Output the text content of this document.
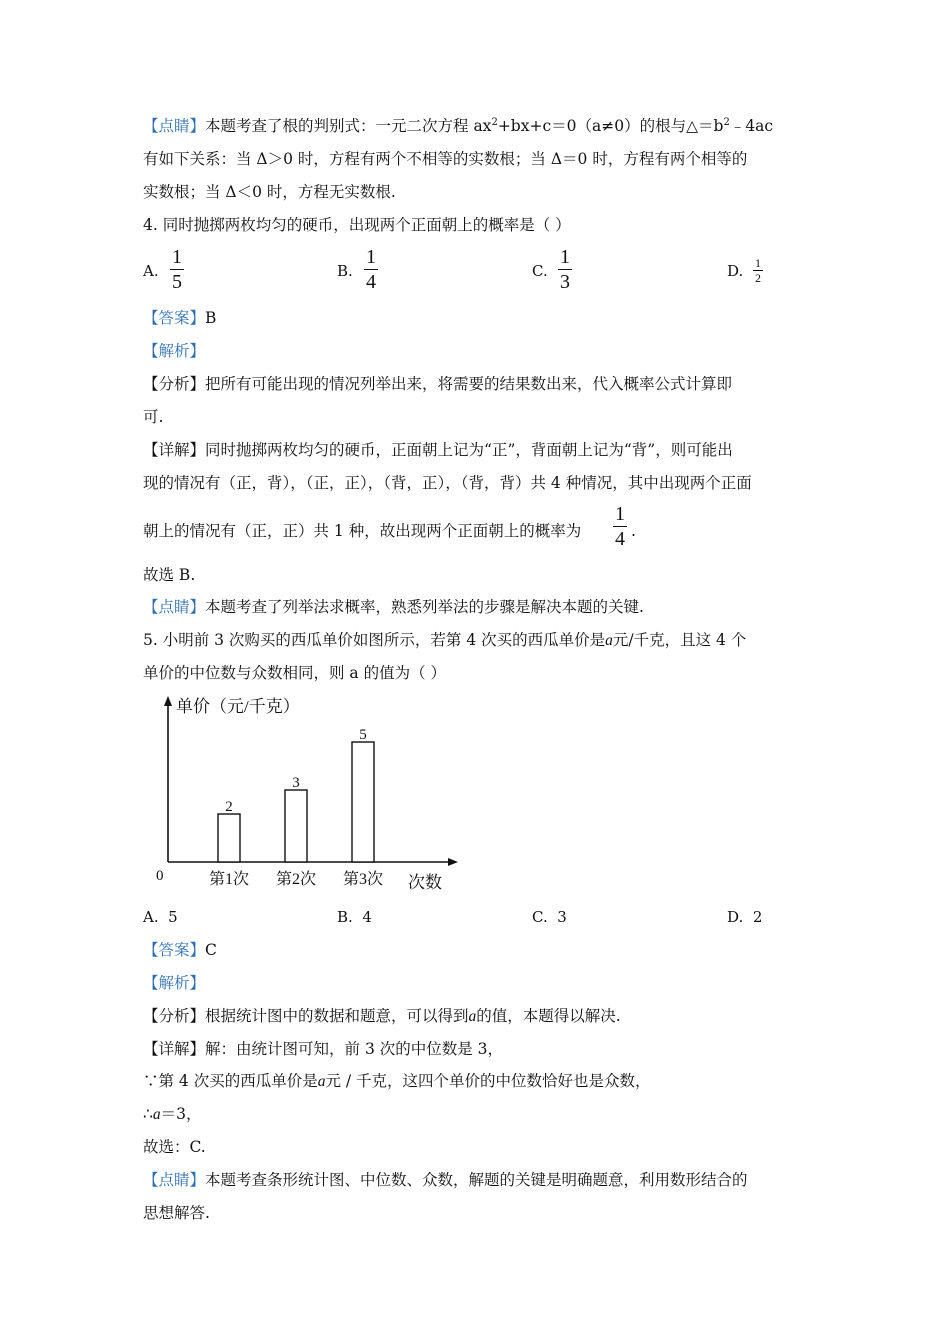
【点睛】本题考查了根的判别式：一元二次方程 $ax^2+bx+c=0(a\ne 0)$的根与$\triangle=b^2﹣4ac$
有如下关系：当 Δ＞0 时，方程有两个不相等的实数根；当 Δ＝0 时，方程有两个相等的
实数根；当 Δ＜0 时，方程无实数根.
4. 同时抛掷两枚均匀的硬币，出现两个正面朝上的概率是（ ）
A.
1
5	B.
1
4	C.
1
3	D. 1
2
【答案】B
【解析】
【分析】把所有可能出现的情况列举出来，将需要的结果数出来，代入概率公式计算即
可.
【详解】同时抛掷两枚均匀的硬币，正面朝上记为“正”，背面朝上记为“背”，则可能出
现的情况有（正，背），（正，正），（背，正），（背，背）共 4 种情况，其中出现两个正面
朝上的情况有（正，正）共 1 种，故出现两个正面朝上的概率为
1
4 .
故选 B.
【点睛】本题考查了列举法求概率，熟悉列举法的步骤是解决本题的关键.
5. 小明前 3 次购买的西瓜单价如图所示，若第 4 次买的西瓜单价是a元/千克，且这 4 个
单价的中位数与众数相同，则 a 的值为（ ）
单价（元/千克）
次数
0
2
第1次
3
第2次
5
第3次
A. 5	B. 4	C. 3	D. 2
【答案】C
【解析】
【分析】根据统计图中的数据和题意，可以得到a的值，本题得以解决.
【详解】解：由统计图可知，前 3 次的中位数是 3，
∵第 4 次买的西瓜单价是a元 / 千克，这四个单价的中位数恰好也是众数，
∴a＝3，
故选：C.
【点睛】本题考查条形统计图、中位数、众数，解题的关键是明确题意，利用数形结合的
思想解答.
